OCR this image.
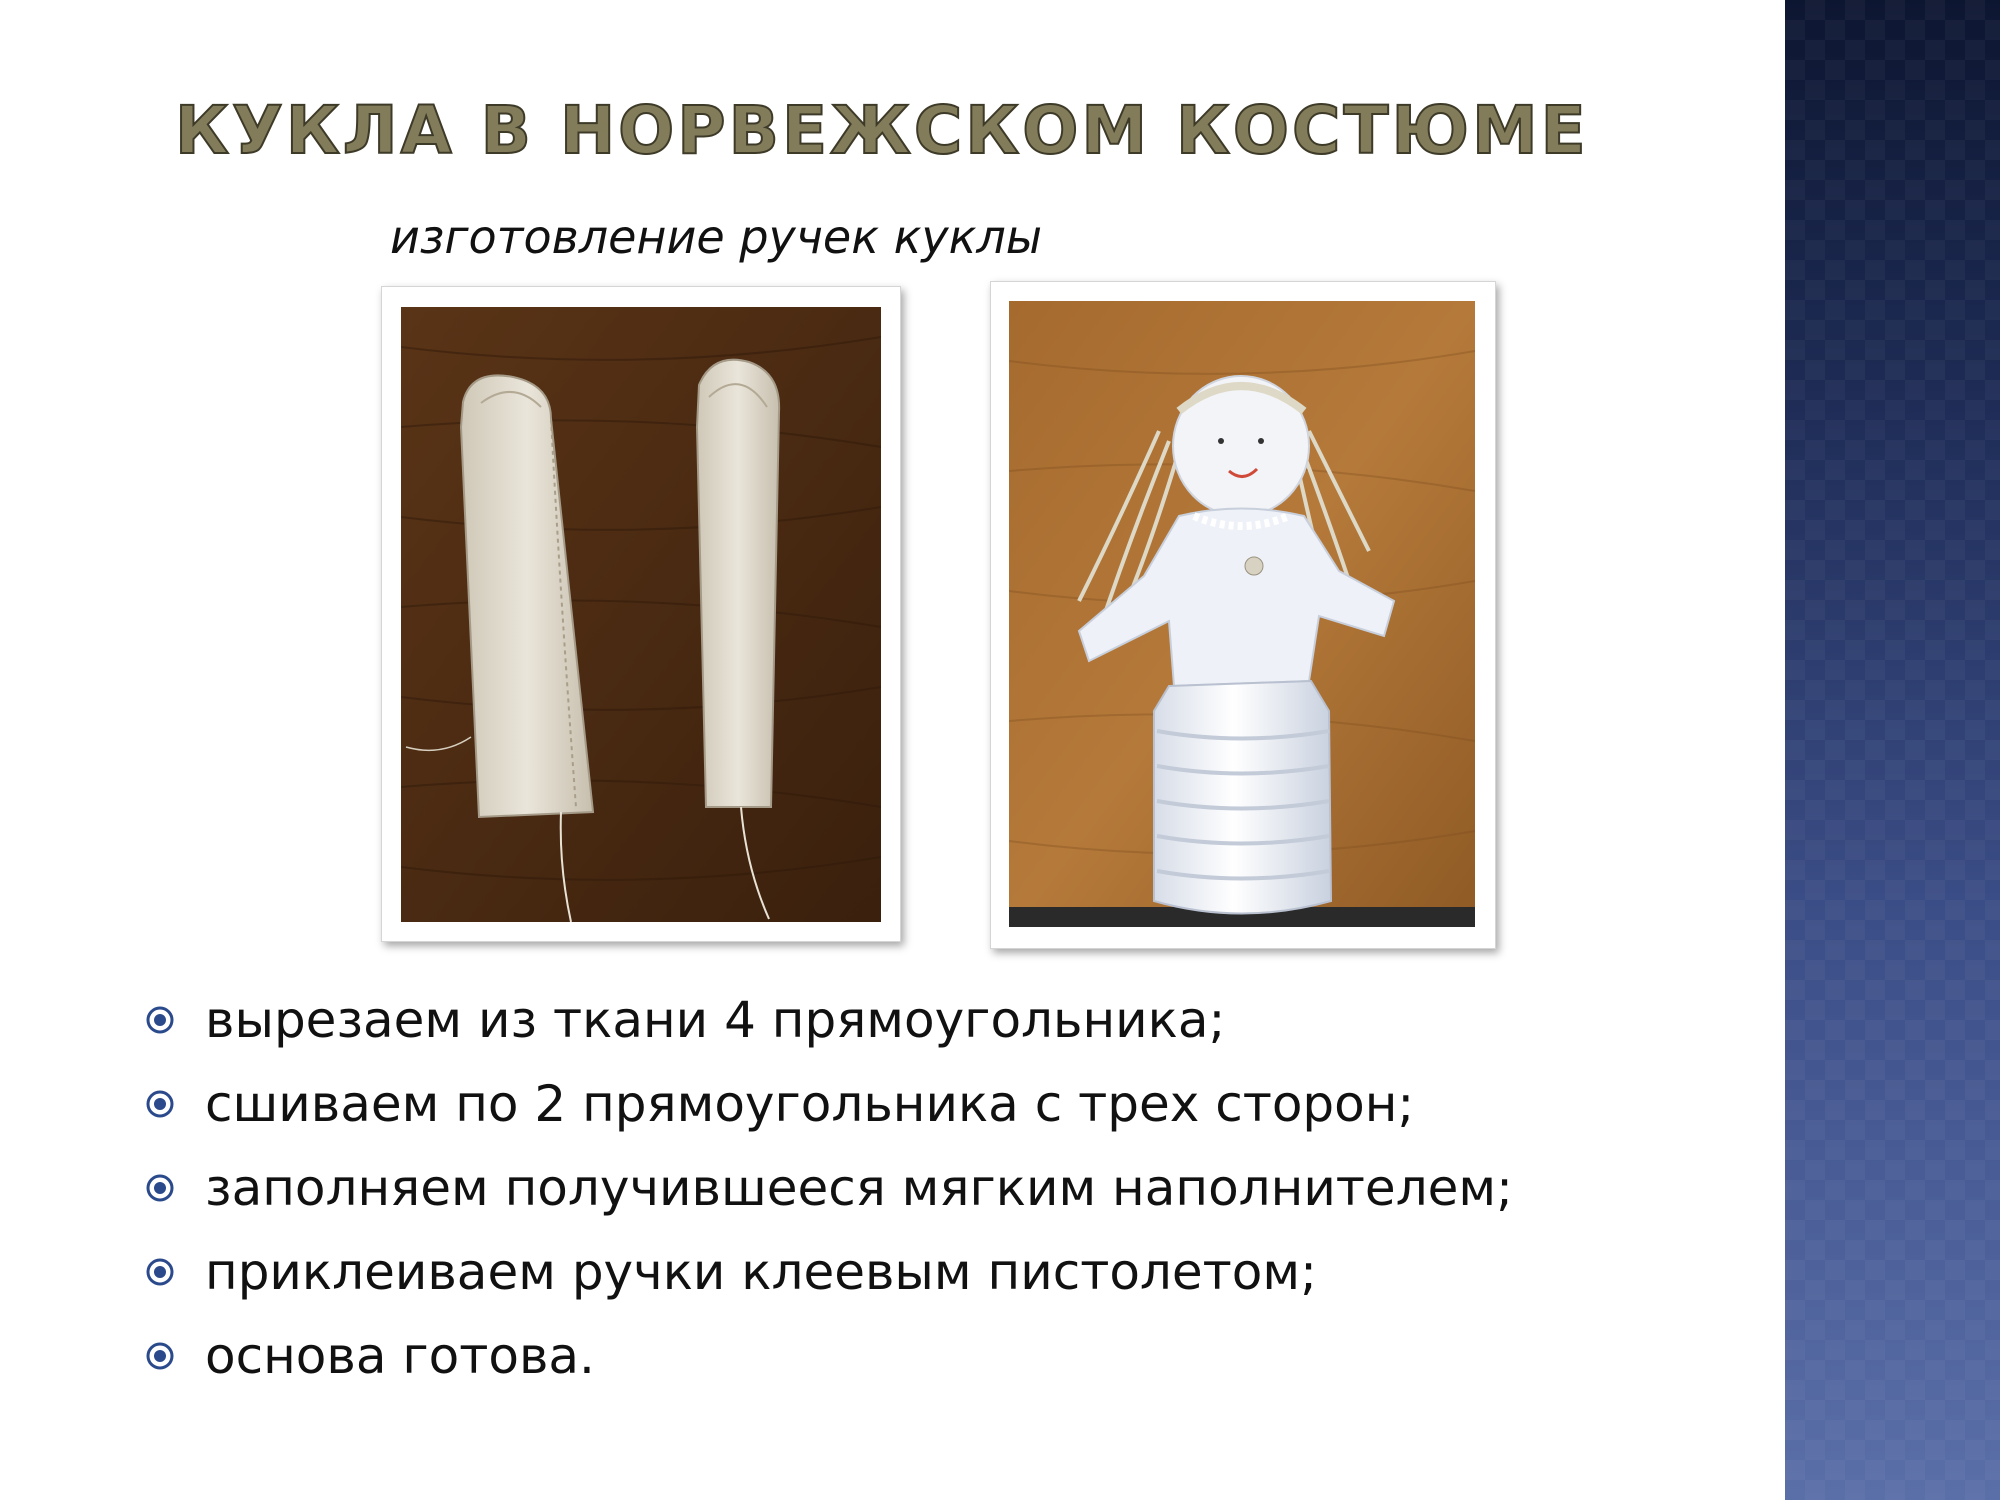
КУКЛА В НОРВЕЖСКОМ КОСТЮМЕ
изготовление ручек куклы
вырезаем из ткани 4 прямоугольника;
сшиваем по 2 прямоугольника с трех сторон;
заполняем получившееся мягким наполнителем;
приклеиваем ручки клеевым пистолетом;
основа готова.
